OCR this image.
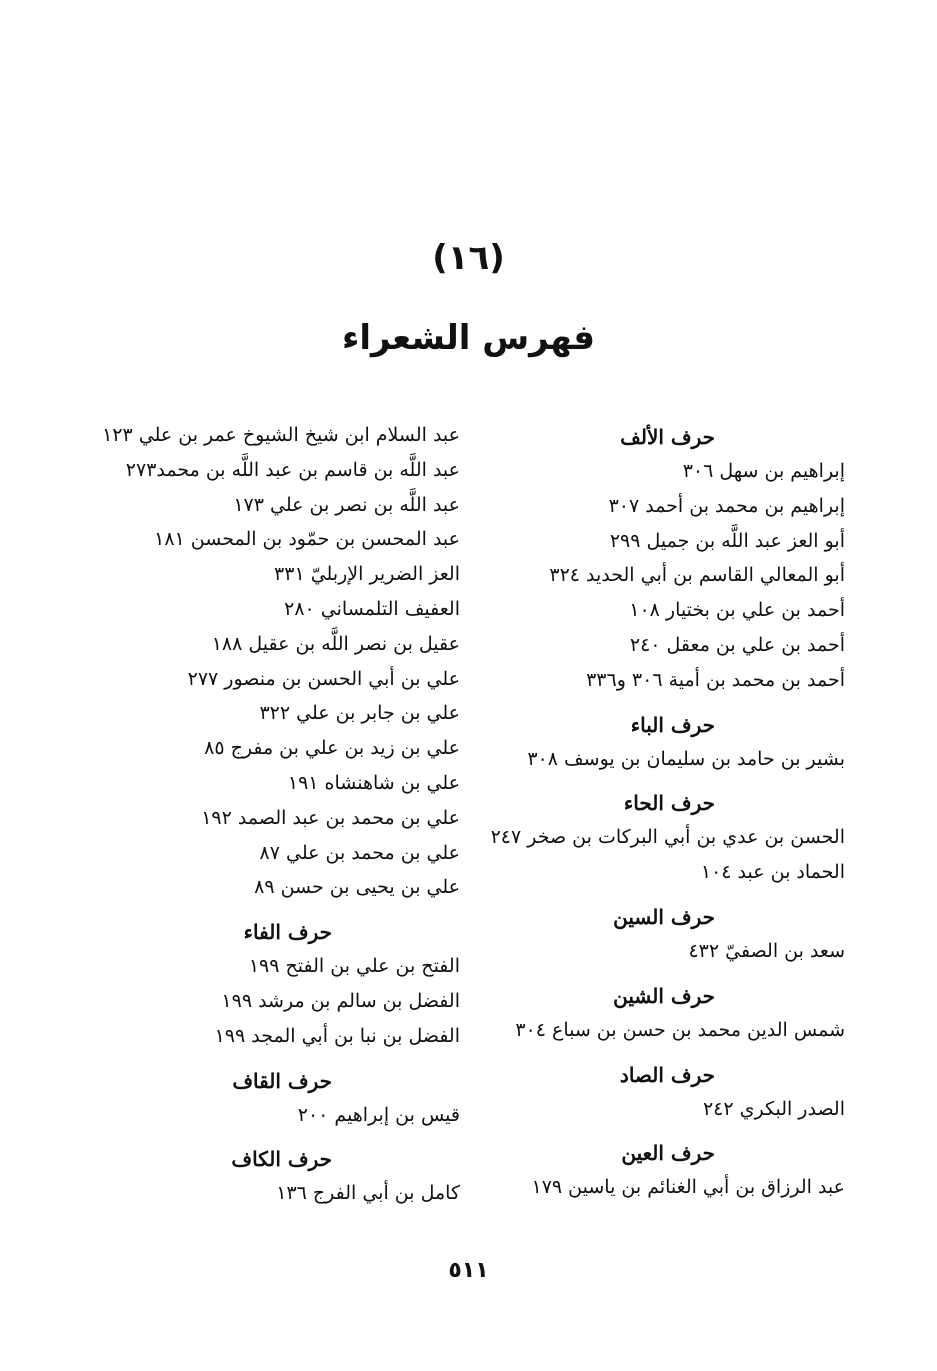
(١٦)
فهرس الشعراء
حرف الألف
إبراهيم بن سهل ٣٠٦
إبراهيم بن محمد بن أحمد ٣٠٧
أبو العز عبد اللَّه بن جميل ٢٩٩
أبو المعالي القاسم بن أبي الحديد ٣٢٤
أحمد بن علي بن بختيار ١٠٨
أحمد بن علي بن معقل ٢٤٠
أحمد بن محمد بن أمية ٣٠٦ و٣٣٦
حرف الباء
بشير بن حامد بن سليمان بن يوسف ٣٠٨
حرف الحاء
الحسن بن عدي بن أبي البركات بن صخر ٢٤٧
الحماد بن عبد ١٠٤
حرف السين
سعد بن الصفيّ ٤٣٢
حرف الشين
شمس الدين محمد بن حسن بن سباع ٣٠٤
حرف الصاد
الصدر البكري ٢٤٢
حرف العين
عبد الرزاق بن أبي الغنائم بن ياسين ١٧٩
عبد السلام ابن شيخ الشيوخ عمر بن علي ١٢٣
عبد اللَّه بن قاسم بن عبد اللَّه بن محمد٢٧٣
عبد اللَّه بن نصر بن علي ١٧٣
عبد المحسن بن حمّود بن المحسن ١٨١
العز الضرير الإربليّ ٣٣١
العفيف التلمساني ٢٨٠
عقيل بن نصر اللَّه بن عقيل ١٨٨
علي بن أبي الحسن بن منصور ٢٧٧
علي بن جابر بن علي ٣٢٢
علي بن زيد بن علي بن مفرج ٨٥
علي بن شاهنشاه ١٩١
علي بن محمد بن عبد الصمد ١٩٢
علي بن محمد بن علي ٨٧
علي بن يحيى بن حسن ٨٩
حرف الفاء
الفتح بن علي بن الفتح ١٩٩
الفضل بن سالم بن مرشد ١٩٩
الفضل بن نبا بن أبي المجد ١٩٩
حرف القاف
قيس بن إبراهيم ٢٠٠
حرف الكاف
كامل بن أبي الفرج ١٣٦
٥١١
